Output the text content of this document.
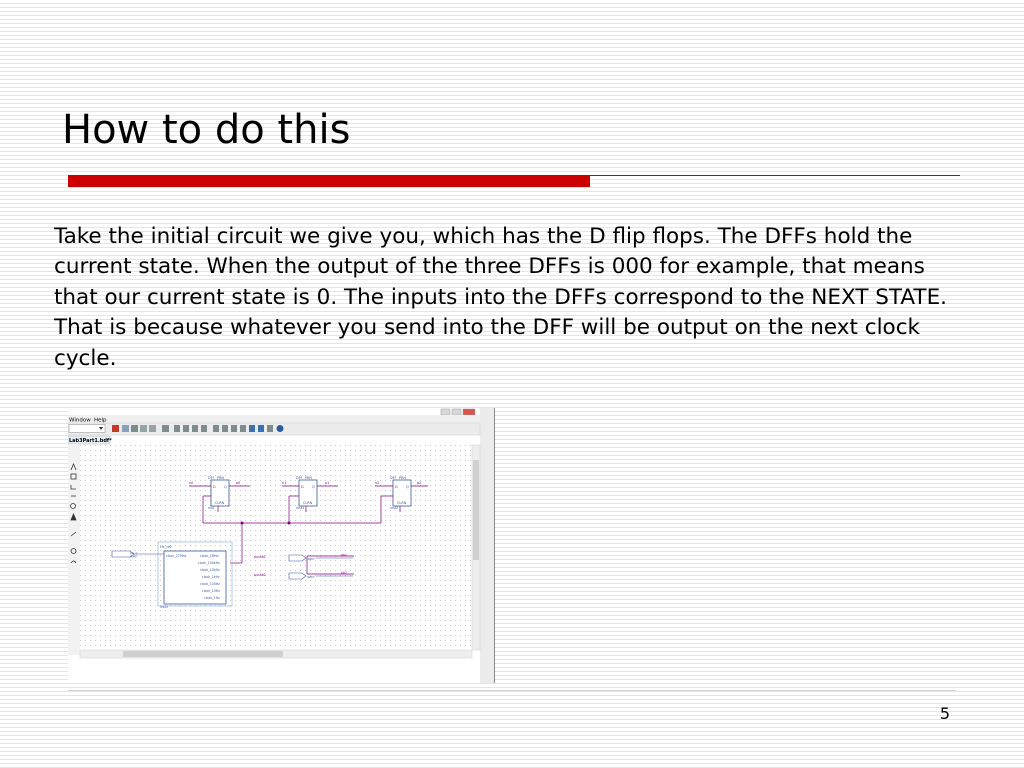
How to do this

Take the initial circuit we give you, which has the D flip flops. The DFFs hold the current state. When the output of the three DFFs is 000 for example, that means that our current state is 0. The inputs into the DFFs correspond to the NEXT STATE. That is because whatever you send into the DFF will be output on the next clock cycle.

Window Help
Lab3Part1.bdf*
DFF PRN
D Q
CLRN
inst
n0	p0
DFF PRN
D Q
CLRN
inst1
n1	p1
DFF PRN
D Q
CLRN
inst2
n2	p2
clk_div
clock_27Mhz	clock_1MHz
clock_100kHz
clock_10kHz
clock_1kHz
clock_100Hz
clock_10Hz
clock_1Hz
inst3
pin.1
INPUT	pushb1
INPUT
pb1
pushb2
INPUT
pb2
5
